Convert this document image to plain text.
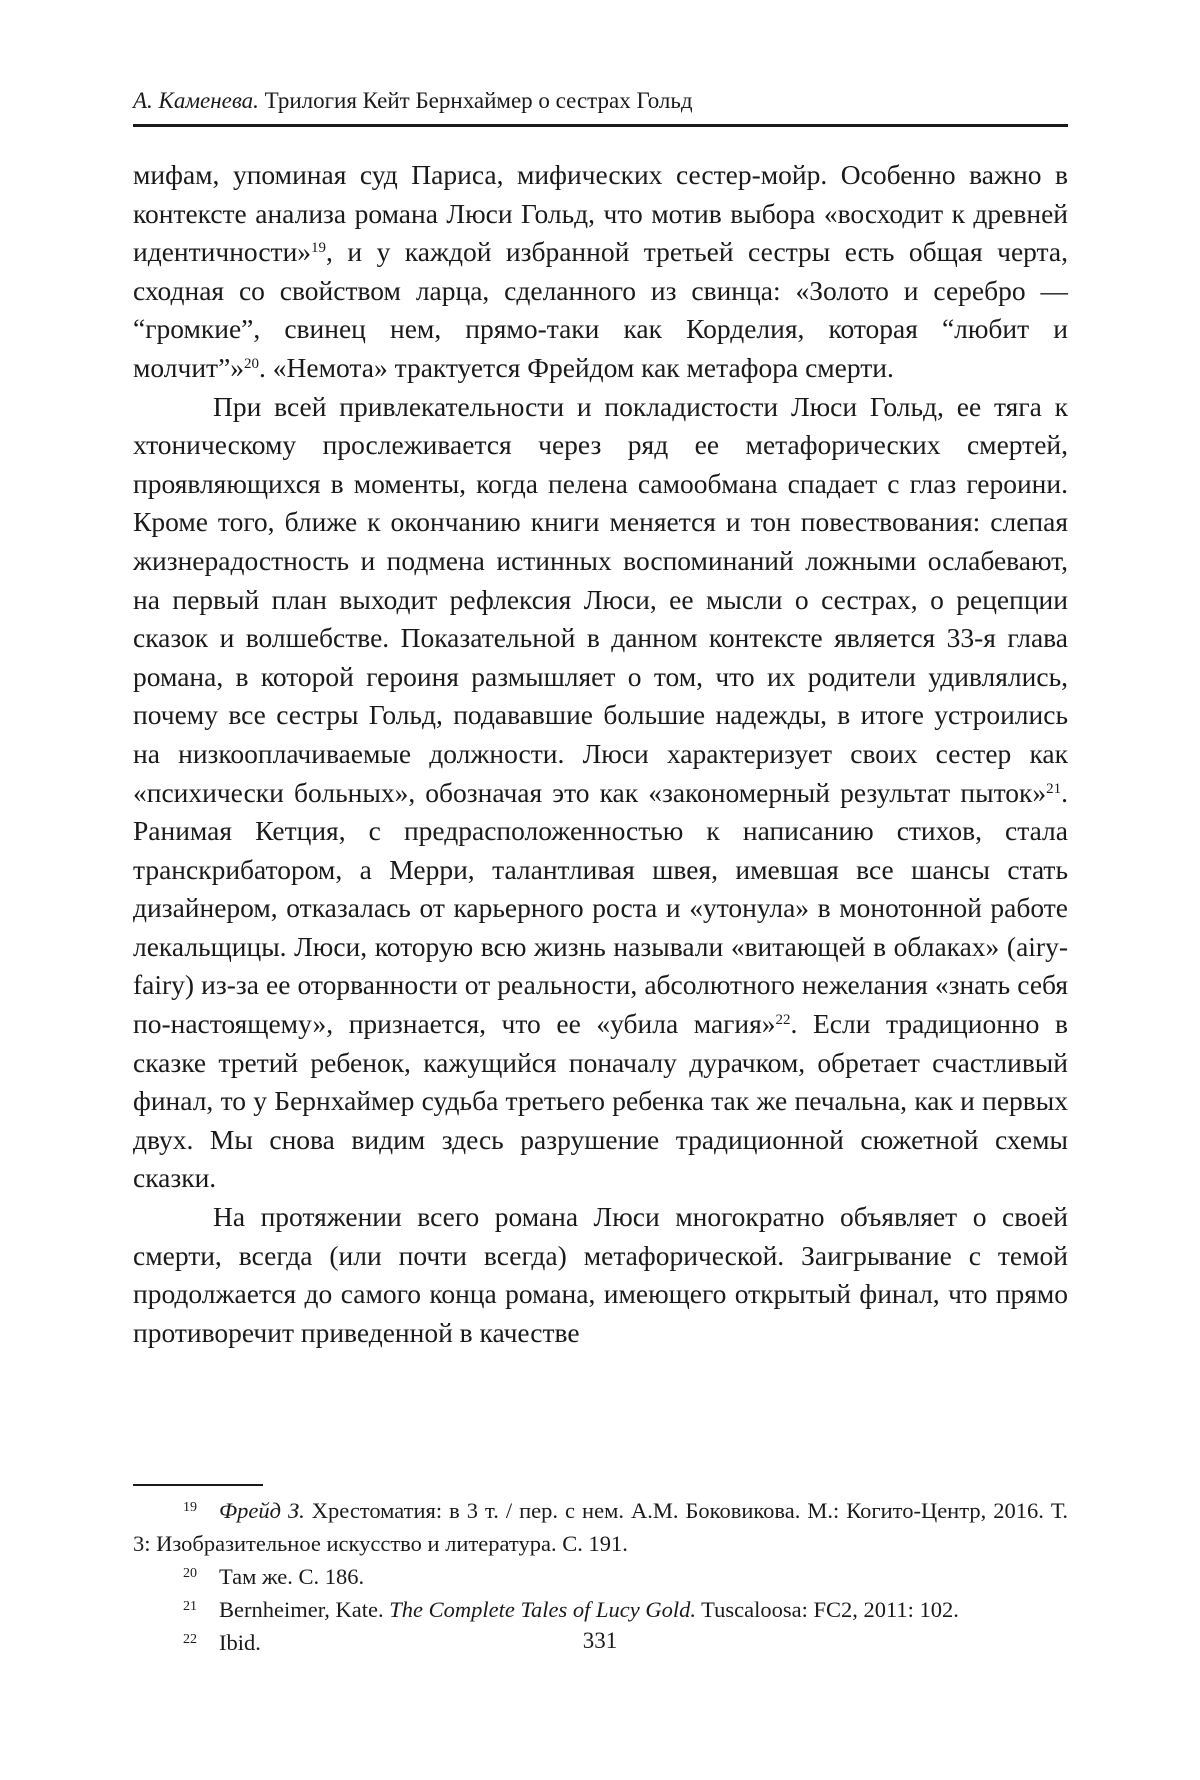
А. Каменева. Трилогия Кейт Бернхаймер о сестрах Гольд

мифам, упоминая суд Париса, мифических сестер-мойр. Особенно важно в контексте анализа романа Люси Гольд, что мотив выбора «восходит к древней идентичности»$^{19}$, и у каждой избранной третьей сестры есть общая черта, сходная со свойством ларца, сделанного из свинца: «Золото и серебро — “громкие”, свинец нем, прямо-таки как Корделия, которая “любит и молчит”»$^{20}$. «Немота» трактуется Фрейдом как метафора смерти.

При всей привлекательности и покладистости Люси Гольд, ее тяга к хтоническому прослеживается через ряд ее метафорических смертей, проявляющихся в моменты, когда пелена самообмана спадает с глаз героини. Кроме того, ближе к окончанию книги меняется и тон повествования: слепая жизнерадостность и подмена истинных воспоминаний ложными ослабевают, на первый план выходит рефлексия Люси, ее мысли о сестрах, о рецепции сказок и волшебстве. Показательной в данном контексте является 33-я глава романа, в которой героиня размышляет о том, что их родители удивлялись, почему все сестры Гольд, подававшие большие надежды, в итоге устроились на низкооплачиваемые должности. Люси характеризует своих сестер как «психически больных», обозначая это как «закономерный результат пыток»$^{21}$. Ранимая Кетция, с предрасположенностью к написанию стихов, стала транскрибатором, а Мерри, талантливая швея, имевшая все шансы стать дизайнером, отказалась от карьерного роста и «утонула» в монотонной работе лекальщицы. Люси, которую всю жизнь называли «витающей в облаках» (airy-fairy) из-за ее оторванности от реальности, абсолютного нежелания «знать себя по-настоящему», признается, что ее «убила магия»$^{22}$. Если традиционно в сказке третий ребенок, кажущийся поначалу дурачком, обретает счастливый финал, то у Бернхаймер судьба третьего ребенка так же печальна, как и первых двух. Мы снова видим здесь разрушение традиционной сюжетной схемы сказки.

На протяжении всего романа Люси многократно объявляет о своей смерти, всегда (или почти всегда) метафорической. Заигрывание с темой продолжается до самого конца романа, имеющего открытый финал, что прямо противоречит приведенной в качестве

19 Фрейд З. Хрестоматия: в 3 т. / пер. с нем. А.М. Боковикова. М.: Когито-Центр, 2016. Т. 3: Изобразительное искусство и литература. С. 191.

20 Там же. С. 186.

21 Bernheimer, Kate. The Complete Tales of Lucy Gold. Tuscaloosa: FC2, 2011: 102.

22 Ibid.	331
